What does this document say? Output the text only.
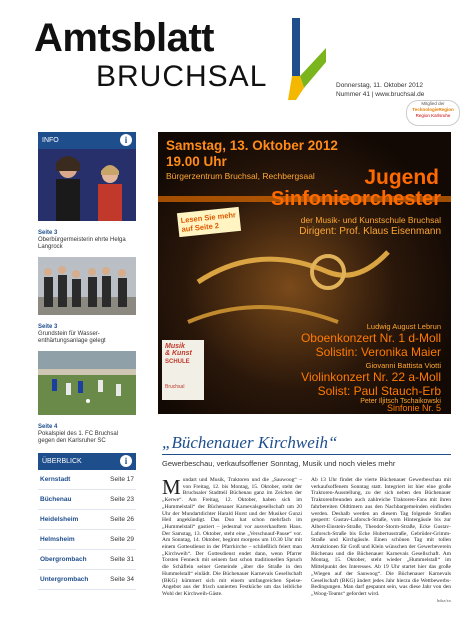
Amtsblatt
BRUCHSAL	Donnerstag, 11. Oktober 2012
Nummer 41 | www.bruchsal.de
Mitglied der
TechnologieRegion
Region Karlsruhe
INFO	i
Seite 3
Oberbürgermeisterin ehrte Helga Langrock
Seite 3
Grundstein für Wasser-enthärtungsanlage gelegt
Seite 4
Pokalspiel des 1. FC Bruchsal gegen den Karlsruher SC
ÜBERBLICK	i
Kernstadt	Seite 17
Büchenau	Seite 23
Heidelsheim	Seite 26
Helmsheim	Seite 29
Obergrombach	Seite 31
Untergrombach	Seite 34
Samstag, 13. Oktober 2012
19.00 Uhr
Bürgerzentrum Bruchsal, Rechbergsaal Jugend
Sinfonieorchester
der Musik- und Kunstschule Bruchsal
Dirigent: Prof. Klaus Eisenmann
Lesen Sie mehr auf Seite 2
Musik
& Kunst
SCHULE
Bruchsal
Ludwig August Lebrun
Oboenkonzert Nr. 1 d-Moll
Solistin: Veronika Maier
Giovanni Battista Viotti
Violinkonzert Nr. 22 a-Moll
Solist: Paul Stauch-Erb
Peter Iljitsch Tschaikowski
Sinfonie Nr. 5
„Büchenauer Kirchweih“
Gewerbeschau, verkaufsoffener Sonntag, Musik und noch vieles mehr
M undart und Musik, Traktoren und die „Sauwoog“ – von Freitag, 12. bis Montag, 15. Oktober, steht der Bruchsaler Stadtteil Büchenau ganz im Zeichen der „Kerwe“. Am Freitag, 12. Oktober, haben sich im „Hummelstall“ der Büchenauer Karnevalsgesellschaft um 20 Uhr der Mundartdichter Harald Hurst und der Musiker Gunzi Heil angekündigt. Das Duo hat schon mehrfach im „Hummelstall“ gastiert – jedesmal vor ausverkauftem Haus. Der Samstag, 13. Oktober, steht eine „Verschnauf-Pause“ vor. Am Sonntag, 14. Oktober, beginnt morgens um 10.30 Uhr mit einem Gottesdienst in der Pfarrkirche – schließlich feiert man „Kirchweih“. Der Gottesdienst endet dann, wenn Pfarrer Torsten Fenneck mit seinem fast schon traditionellen Spruch die Schäflein seiner Gemeinde „über die Straße in den Hummelstall“ einlädt. Die Büchenauer Karnevals Gesellschaft (BKG) kümmert sich mit einem umfangreichen Speise-Angebot aus der frisch sanierten Festküche um das leibliche Wohl der Kirchweih-Gäste.
Ab 13 Uhr findet die vierte Büchenauer Gewerbeschau mit verkaufsoffenem Sonntag statt. Integriert ist hier eine große Traktoren-Ausstellung, zu der sich neben den Büchenauer Traktorenfreunden auch zahlreiche Traktoren-Fans mit ihren fahrbereiten Oldtimern aus den Nachbargemeinden einfinden werden. Deshalb werden an diesem Tag folgende Straßen gesperrt: Gustav-Laforsch-Straße, vom Hintergässle bis zur Albert-Einstein-Straße, Theodor-Storm-Straße, Ecke Gustav-Laforsch-Straße bis Ecke Hubertusstraße, Gebrüder-Grimm-Straße und Kirchgässle. Einen schönen Tag mit tollen Attraktionen für Groß und Klein wünschen der Gewerbeverein Büchenau und die Büchenauer Karnevals Gesellschaft. Am Montag, 15. Oktober, steht wieder „Hummelstall“ im Mittelpunkt des Interesses. Ab 19 Uhr startet hier das große „Wiegen auf der Sauwoog“. Die Büchenauer Karnevals Gesellschaft (BKG) ändert jedes Jahr hierzu die Wettbewerbs-Bedingungen. Man darf gespannt sein, was diese Jahr von den „Woog-Teams“ gefordert wird.
hdsz/xx
